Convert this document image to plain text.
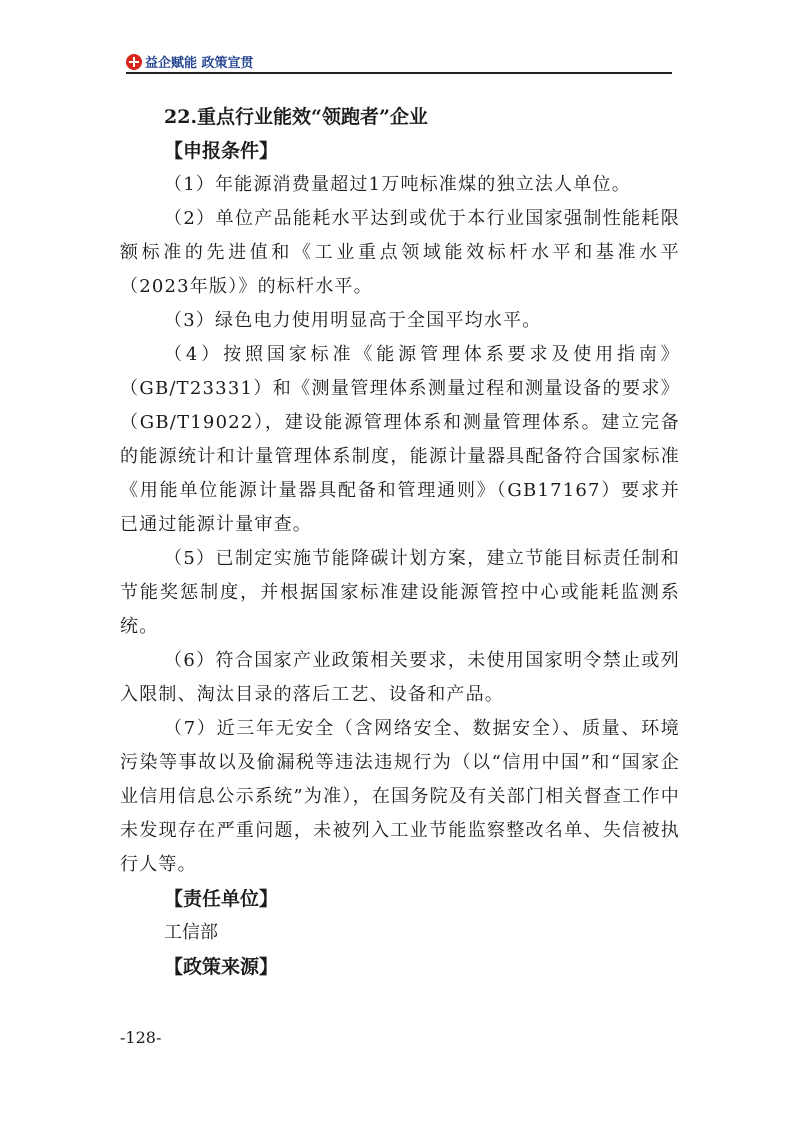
益企赋能 政策宣贯
22.重点行业能效“领跑者”企业
【申报条件】

（1）年能源消费量超过1万吨标准煤的独立法人单位。

（2）单位产品能耗水平达到或优于本行业国家强制性能耗限额标准的先进值和《工业重点领域能效标杆水平和基准水平（2023年版）》的标杆水平。

（3）绿色电力使用明显高于全国平均水平。

（4）按照国家标准《能源管理体系要求及使用指南》（GB/T23331）和《测量管理体系测量过程和测量设备的要求》（GB/T19022），建设能源管理体系和测量管理体系。建立完备的能源统计和计量管理体系制度，能源计量器具配备符合国家标准《用能单位能源计量器具配备和管理通则》（GB17167）要求并已通过能源计量审查。

（5）已制定实施节能降碳计划方案，建立节能目标责任制和节能奖惩制度，并根据国家标准建设能源管控中心或能耗监测系统。

（6）符合国家产业政策相关要求，未使用国家明令禁止或列入限制、淘汰目录的落后工艺、设备和产品。

（7）近三年无安全（含网络安全、数据安全）、质量、环境污染等事故以及偷漏税等违法违规行为（以“信用中国”和“国家企业信用信息公示系统”为准），在国务院及有关部门相关督查工作中未发现存在严重问题，未被列入工业节能监察整改名单、失信被执行人等。

【责任单位】
工信部
【政策来源】
-128-
